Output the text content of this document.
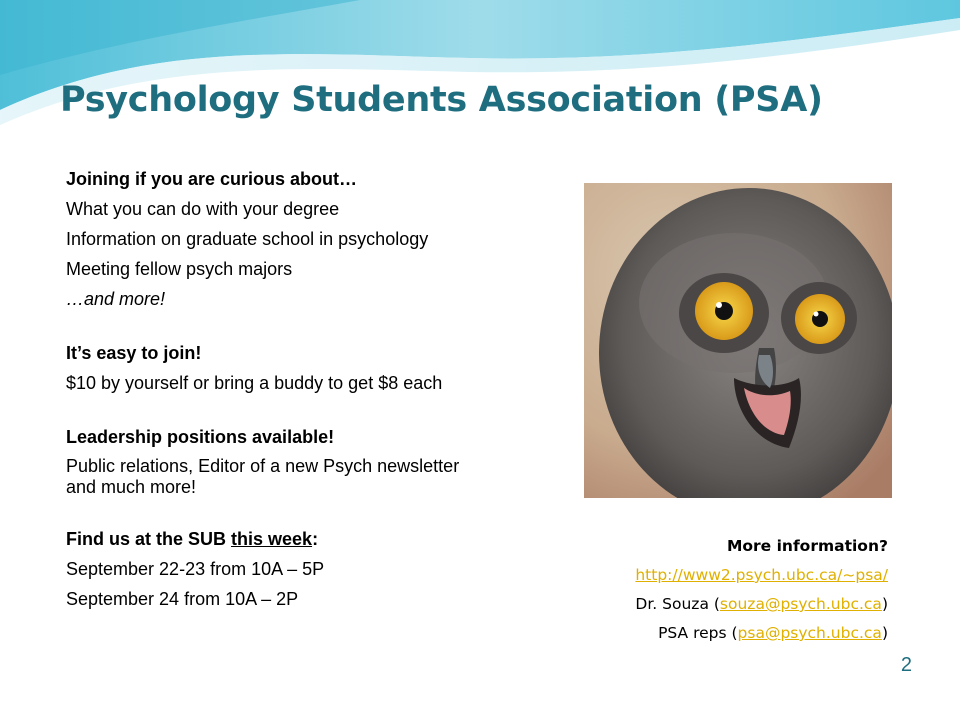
Psychology Students Association (PSA)
Joining if you are curious about…
What you can do with your degree
Information on graduate school in psychology
Meeting fellow psych majors
…and more!
It’s easy to join!
$10 by yourself or bring a buddy to get $8 each
Leadership positions available!
Public relations, Editor of a new Psych newsletter and much more!
Find us at the SUB this week:
September 22-23 from 10A – 5P
September 24 from 10A – 2P
More information?
http://www2.psych.ubc.ca/~psa/
Dr. Souza (souza@psych.ubc.ca)
PSA reps (psa@psych.ubc.ca)
2
